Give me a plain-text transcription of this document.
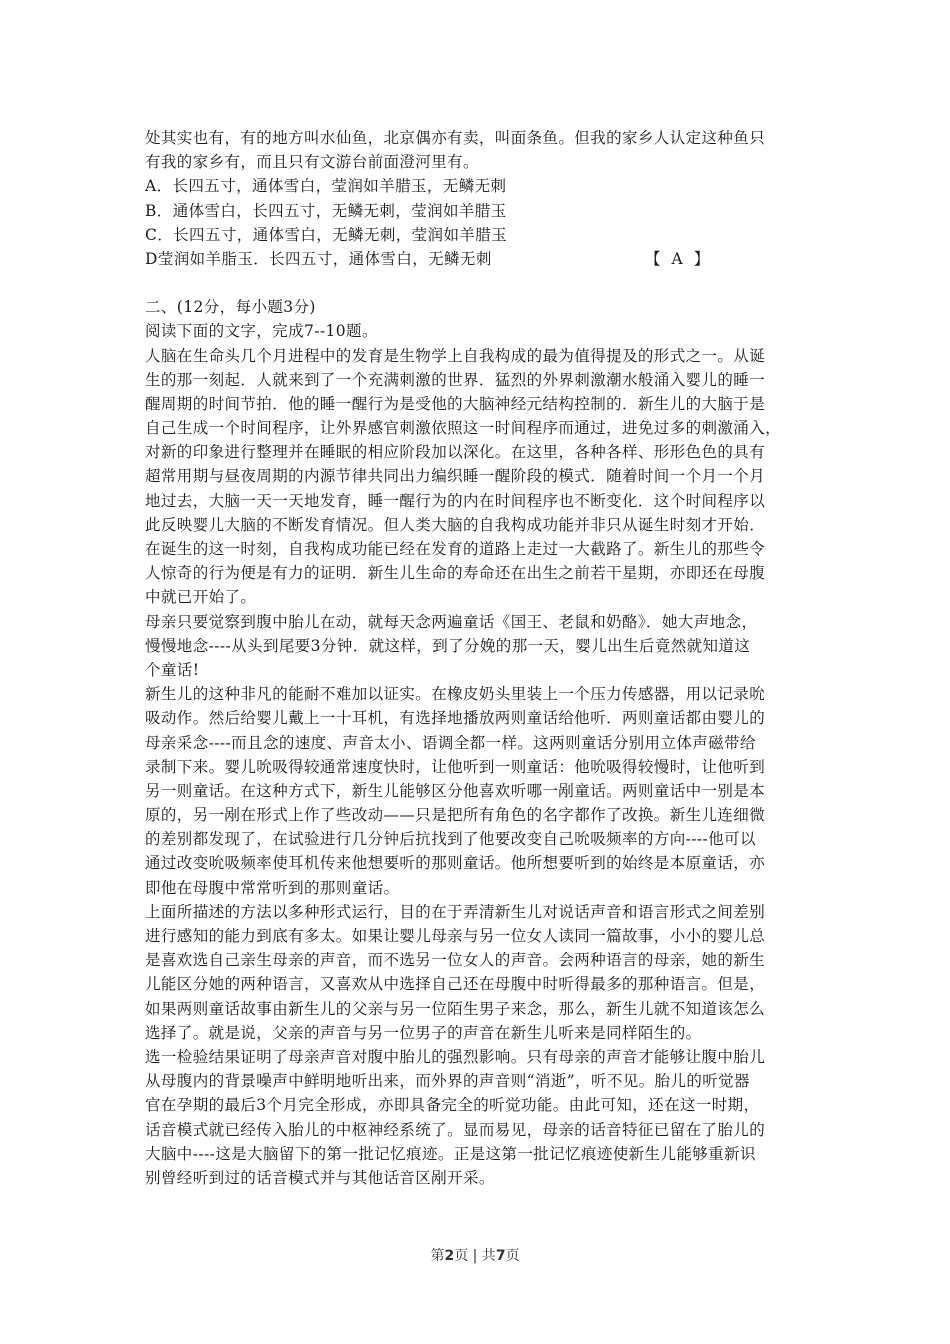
处其实也有，有的地方叫水仙鱼，北京偶亦有卖，叫面条鱼。但我的家乡人认定这种鱼只
有我的家乡有，而且只有文游台前面澄河里有。
A．长四五寸，通体雪白，莹润如羊腊玉，无鳞无刺
B．通体雪白，长四五寸，无鳞无刺，莹润如羊腊玉
C．长四五寸，通体雪白，无鳞无刺，莹润如羊腊玉
D莹润如羊脂玉．长四五寸，通体雪白，无鳞无刺	【  A  】
二、(12分，每小题3分)
阅读下面的文字，完成7--10题。
人脑在生命头几个月进程中的发育是生物学上自我构成的最为值得提及的形式之一。从诞
生的那一刻起．人就来到了一个充满刺激的世界．猛烈的外界刺激潮水般涌入婴儿的睡一
醒周期的时间节拍．他的睡一醒行为是受他的大脑神经元结构控制的．新生儿的大脑于是
自己生成一个时间程序，让外界感官刺激依照这一时间程序而通过，进免过多的刺激涌入，
对新的印象进行整理并在睡眠的相应阶段加以深化。在这里，各种各样、形形色色的具有
超常用期与昼夜周期的内源节律共同出力编织睡一醒阶段的模式．随着时间一个月一个月
地过去，大脑一天一天地发育，睡一醒行为的内在时间程序也不断变化．这个时间程序以
此反映婴儿大脑的不断发育情况。但人类大脑的自我构成功能并非只从诞生时刻才开始．
在诞生的这一时刻，自我构成功能已经在发育的道路上走过一大截路了。新生儿的那些令
人惊奇的行为便是有力的证明．新生儿生命的寿命还在出生之前若干星期，亦即还在母腹
中就已开始了。
母亲只要觉察到腹中胎儿在动，就每天念两遍童话《国王、老鼠和奶酪》．她大声地念，
慢慢地念----从头到尾要3分钟．就这样，到了分娩的那一天，婴儿出生后竟然就知道这
个童话!
新生儿的这种非凡的能耐不难加以证实。在橡皮奶头里装上一个压力传感器，用以记录吮
吸动作。然后给婴儿戴上一十耳机，有选择地播放两则童话给他听．两则童话都由婴儿的
母亲采念----而且念的速度、声音太小、语调全都一样。这两则童话分别用立体声磁带给
录制下来。婴儿吮吸得较通常速度快时，让他听到一则童话：他吮吸得较慢时，让他听到
另一则童话。在这种方式下，新生儿能够区分他喜欢听哪一剐童话。两则童话中一别是本
原的，另一剐在形式上作了些改动——只是把所有角色的名字都作了改换。新生儿连细微
的差别都发现了，在试验进行几分钟后抗找到了他要改变自己吮吸频率的方向----他可以
通过改变吮吸频率使耳机传来他想要听的那则童话。他所想要听到的始终是本原童话，亦
即他在母腹中常常听到的那则童话。
上面所描述的方法以多种形式运行，目的在于弄清新生儿对说话声音和语言形式之间差别
进行感知的能力到底有多太。如果让婴儿母亲与另一位女人读同一篇故事，小小的婴儿总
是喜欢选自己亲生母亲的声音，而不选另一位女人的声音。会两种语言的母亲，她的新生
儿能区分她的两种语言，又喜欢从中选择自己还在母腹中时听得最多的那种语言。但是，
如果两则童话故事由新生儿的父亲与另一位陌生男子来念，那么，新生儿就不知道该怎么
选择了。就是说，父亲的声音与另一位男子的声音在新生儿听来是同样陌生的。
选一检验结果证明了母亲声音对腹中胎儿的强烈影响。只有母亲的声音才能够让腹中胎儿
从母腹内的背景噪声中鲜明地听出来，而外界的声音则“消逝”，听不见。胎儿的听觉器
官在孕期的最后3个月完全形成，亦即具备完全的听觉功能。由此可知，还在这一时期，
话音模式就已经传入胎儿的中枢神经系统了。显而易见，母亲的话音特征已留在了胎儿的
大脑中----这是大脑留下的第一批记忆痕迹。正是这第一批记忆痕迹使新生儿能够重新识
别曾经听到过的话音模式并与其他话音区剐开采。
第2页 | 共7页
